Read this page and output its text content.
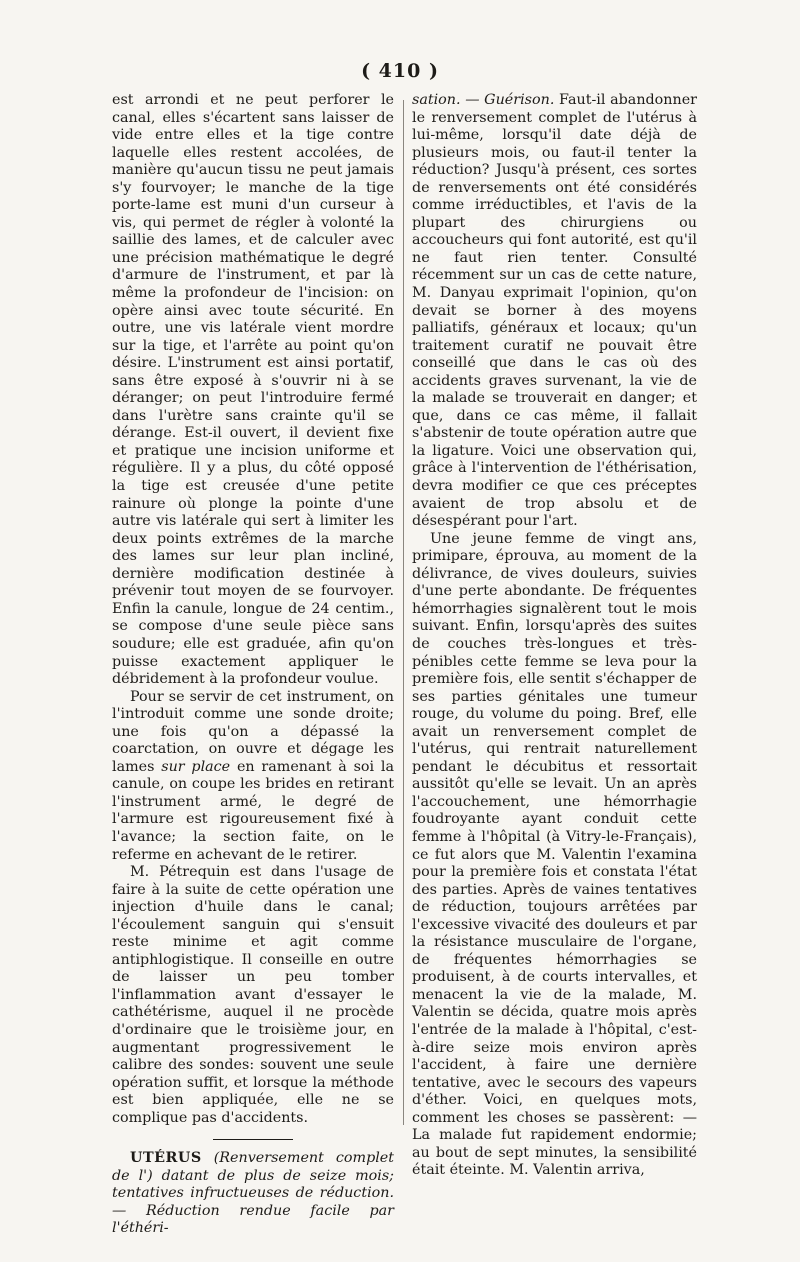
( 410 )

est arrondi et ne peut perforer le canal, elles s'écartent sans laisser de vide entre elles et la tige contre laquelle elles restent accolées, de manière qu'aucun tissu ne peut jamais s'y fourvoyer; le manche de la tige porte-lame est muni d'un curseur à vis, qui permet de régler à volonté la saillie des lames, et de calculer avec une précision mathématique le degré d'armure de l'instrument, et par là même la profondeur de l'incision: on opère ainsi avec toute sécurité. En outre, une vis latérale vient mordre sur la tige, et l'arrête au point qu'on désire. L'instrument est ainsi portatif, sans être exposé à s'ouvrir ni à se déranger; on peut l'introduire fermé dans l'urètre sans crainte qu'il se dérange. Est-il ouvert, il devient fixe et pratique une incision uniforme et régulière. Il y a plus, du côté opposé la tige est creusée d'une petite rainure où plonge la pointe d'une autre vis latérale qui sert à limiter les deux points extrêmes de la marche des lames sur leur plan incliné, dernière modification destinée à prévenir tout moyen de se fourvoyer. Enfin la canule, longue de 24 centim., se compose d'une seule pièce sans soudure; elle est graduée, afin qu'on puisse exactement appliquer le débridement à la profondeur voulue.

Pour se servir de cet instrument, on l'introduit comme une sonde droite; une fois qu'on a dépassé la coarctation, on ouvre et dégage les lames sur place en ramenant à soi la canule, on coupe les brides en retirant l'instrument armé, le degré de l'armure est rigoureusement fixé à l'avance; la section faite, on le referme en achevant de le retirer.

M. Pétrequin est dans l'usage de faire à la suite de cette opération une injection d'huile dans le canal; l'écoulement sanguin qui s'ensuit reste minime et agit comme antiphlogistique. Il conseille en outre de laisser un peu tomber l'inflammation avant d'essayer le cathétérisme, auquel il ne procède d'ordinaire que le troisième jour, en augmentant progressivement le calibre des sondes: souvent une seule opération suffit, et lorsque la méthode est bien appliquée, elle ne se complique pas d'accidents.

UTÉRUS (Renversement complet de l') datant de plus de seize mois; tentatives infructueuses de réduction. — Réduction rendue facile par l'éthéri-

sation. — Guérison. Faut-il abandonner le renversement complet de l'utérus à lui-même, lorsqu'il date déjà de plusieurs mois, ou faut-il tenter la réduction? Jusqu'à présent, ces sortes de renversements ont été considérés comme irréductibles, et l'avis de la plupart des chirurgiens ou accoucheurs qui font autorité, est qu'il ne faut rien tenter. Consulté récemment sur un cas de cette nature, M. Danyau exprimait l'opinion, qu'on devait se borner à des moyens palliatifs, généraux et locaux; qu'un traitement curatif ne pouvait être conseillé que dans le cas où des accidents graves survenant, la vie de la malade se trouverait en danger; et que, dans ce cas même, il fallait s'abstenir de toute opération autre que la ligature. Voici une observation qui, grâce à l'intervention de l'éthérisation, devra modifier ce que ces préceptes avaient de trop absolu et de désespérant pour l'art.

Une jeune femme de vingt ans, primipare, éprouva, au moment de la délivrance, de vives douleurs, suivies d'une perte abondante. De fréquentes hémorrhagies signalèrent tout le mois suivant. Enfin, lorsqu'après des suites de couches très-longues et très-pénibles cette femme se leva pour la première fois, elle sentit s'échapper de ses parties génitales une tumeur rouge, du volume du poing. Bref, elle avait un renversement complet de l'utérus, qui rentrait naturellement pendant le décubitus et ressortait aussitôt qu'elle se levait. Un an après l'accouchement, une hémorrhagie foudroyante ayant conduit cette femme à l'hôpital (à Vitry-le-Français), ce fut alors que M. Valentin l'examina pour la première fois et constata l'état des parties. Après de vaines tentatives de réduction, toujours arrêtées par l'excessive vivacité des douleurs et par la résistance musculaire de l'organe, de fréquentes hémorrhagies se produisent, à de courts intervalles, et menacent la vie de la malade, M. Valentin se décida, quatre mois après l'entrée de la malade à l'hôpital, c'est-à-dire seize mois environ après l'accident, à faire une dernière tentative, avec le secours des vapeurs d'éther. Voici, en quelques mots, comment les choses se passèrent: — La malade fut rapidement endormie; au bout de sept minutes, la sensibilité était éteinte. M. Valentin arriva,
